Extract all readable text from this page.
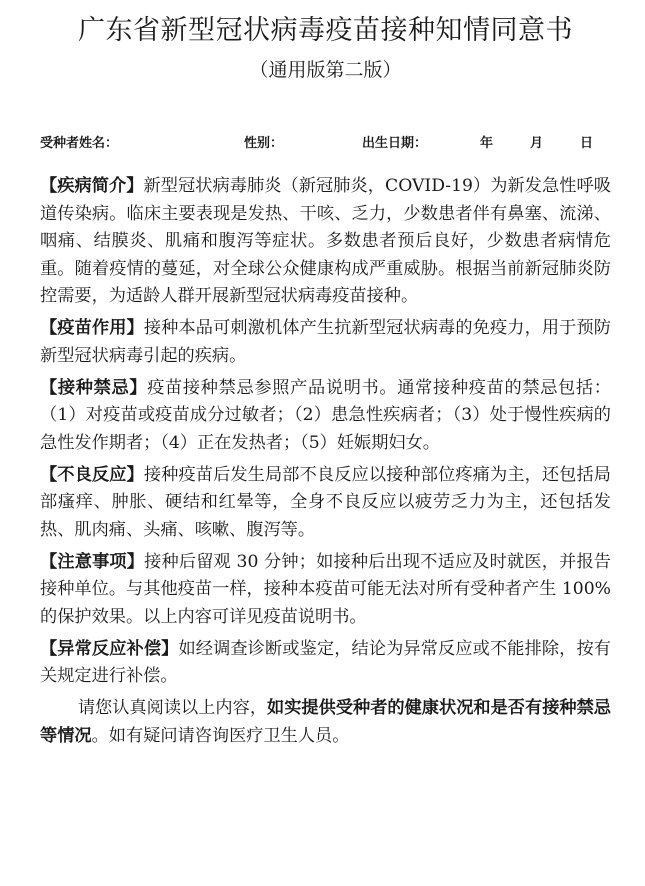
广东省新型冠状病毒疫苗接种知情同意书
（通用版第二版）
受种者姓名：	性别：	出生日期：	年	月	日

【疾病简介】新型冠状病毒肺炎（新冠肺炎，COVID-19）为新发急性呼吸道传染病。临床主要表现是发热、干咳、乏力，少数患者伴有鼻塞、流涕、咽痛、结膜炎、肌痛和腹泻等症状。多数患者预后良好，少数患者病情危重。随着疫情的蔓延，对全球公众健康构成严重威胁。根据当前新冠肺炎防控需要，为适龄人群开展新型冠状病毒疫苗接种。

【疫苗作用】接种本品可刺激机体产生抗新型冠状病毒的免疫力，用于预防新型冠状病毒引起的疾病。

【接种禁忌】疫苗接种禁忌参照产品说明书。通常接种疫苗的禁忌包括：（1）对疫苗或疫苗成分过敏者；（2）患急性疾病者；（3）处于慢性疾病的急性发作期者；（4）正在发热者；（5）妊娠期妇女。

【不良反应】接种疫苗后发生局部不良反应以接种部位疼痛为主，还包括局部瘙痒、肿胀、硬结和红晕等，全身不良反应以疲劳乏力为主，还包括发热、肌肉痛、头痛、咳嗽、腹泻等。

【注意事项】接种后留观 30 分钟；如接种后出现不适应及时就医，并报告接种单位。与其他疫苗一样，接种本疫苗可能无法对所有受种者产生 100%的保护效果。以上内容可详见疫苗说明书。

【异常反应补偿】如经调查诊断或鉴定，结论为异常反应或不能排除，按有关规定进行补偿。

请您认真阅读以上内容，如实提供受种者的健康状况和是否有接种禁忌等情况。如有疑问请咨询医疗卫生人员。
